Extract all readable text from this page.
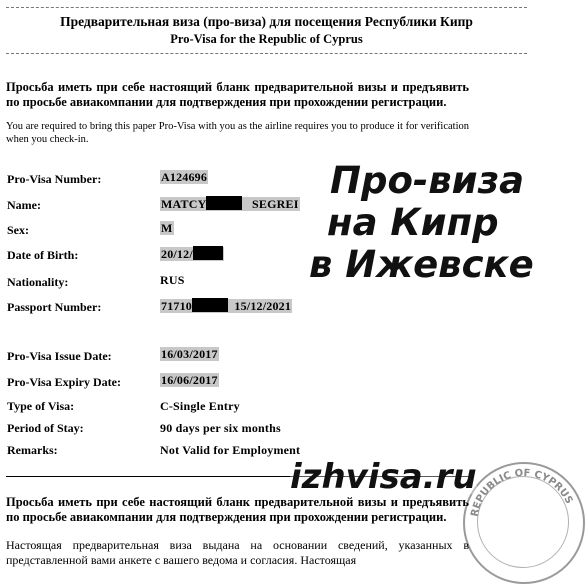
Предварительная виза (про-виза) для посещения Республики Кипр
Pro-Visa for the Republic of Cyprus
Просьба иметь при себе настоящий бланк предварительной визы и предъявить по просьбе авиакомпании для подтверждения при прохождении регистрации.
You are required to bring this paper Pro-Visa with you as the airline requires you to produce it for verification when you check-in.
Pro-Visa Number:	A124696
Name:	MATCY	SEGREI
Sex:	M
Date of Birth:	20/12/
Nationality:	RUS
Passport Number:	71710	15/12/2021
Pro-Visa Issue Date:	16/03/2017
Pro-Visa Expiry Date:	16/06/2017
Type of Visa:	C-Single Entry
Period of Stay:	90 days per six months
Remarks:	Not Valid for Employment
Про-виза
на Кипр
в Ижевске
REPUBLIC OF CYPRUS
izhvisa.ru
Просьба иметь при себе настоящий бланк предварительной визы и предъявить по просьбе авиакомпании для подтверждения при прохождении регистрации.
Настоящая предварительная виза выдана на основании сведений, указанных в представленной вами анкете с вашего ведома и согласия. Настоящая
